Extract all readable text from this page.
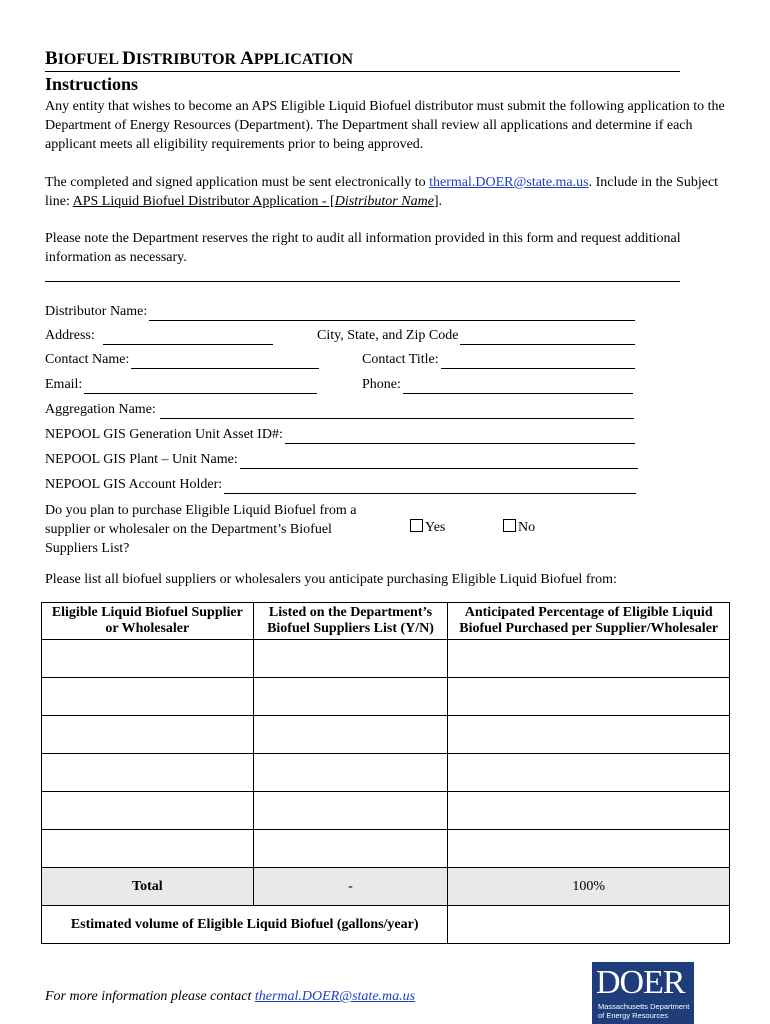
BIOFUEL DISTRIBUTOR APPLICATION
Instructions
Any entity that wishes to become an APS Eligible Liquid Biofuel distributor must submit the following application to the Department of Energy Resources (Department). The Department shall review all applications and determine if each applicant meets all eligibility requirements prior to being approved.
The completed and signed application must be sent electronically to thermal.DOER@state.ma.us. Include in the Subject line: APS Liquid Biofuel Distributor Application - [Distributor Name].
Please note the Department reserves the right to audit all information provided in this form and request additional information as necessary.
Distributor Name:
Address:	City, State, and Zip Code
Contact Name:	Contact Title:
Email:	Phone:
Aggregation Name:
NEPOOL GIS Generation Unit Asset ID#:
NEPOOL GIS Plant – Unit Name:
NEPOOL GIS Account Holder:
Do you plan to purchase Eligible Liquid Biofuel from a supplier or wholesaler on the Department’s Biofuel Suppliers List?
Yes	No
Please list all biofuel suppliers or wholesalers you anticipate purchasing Eligible Liquid Biofuel from:
Eligible Liquid Biofuel Supplier or Wholesaler	Listed on the Department’s Biofuel Suppliers List (Y/N)	Anticipated Percentage of Eligible Liquid Biofuel Purchased per Supplier/Wholesaler

Total	-	100%
Estimated volume of Eligible Liquid Biofuel (gallons/year)		
For more information please contact thermal.DOER@state.ma.us	DOER
Massachusetts Department of Energy Resources
